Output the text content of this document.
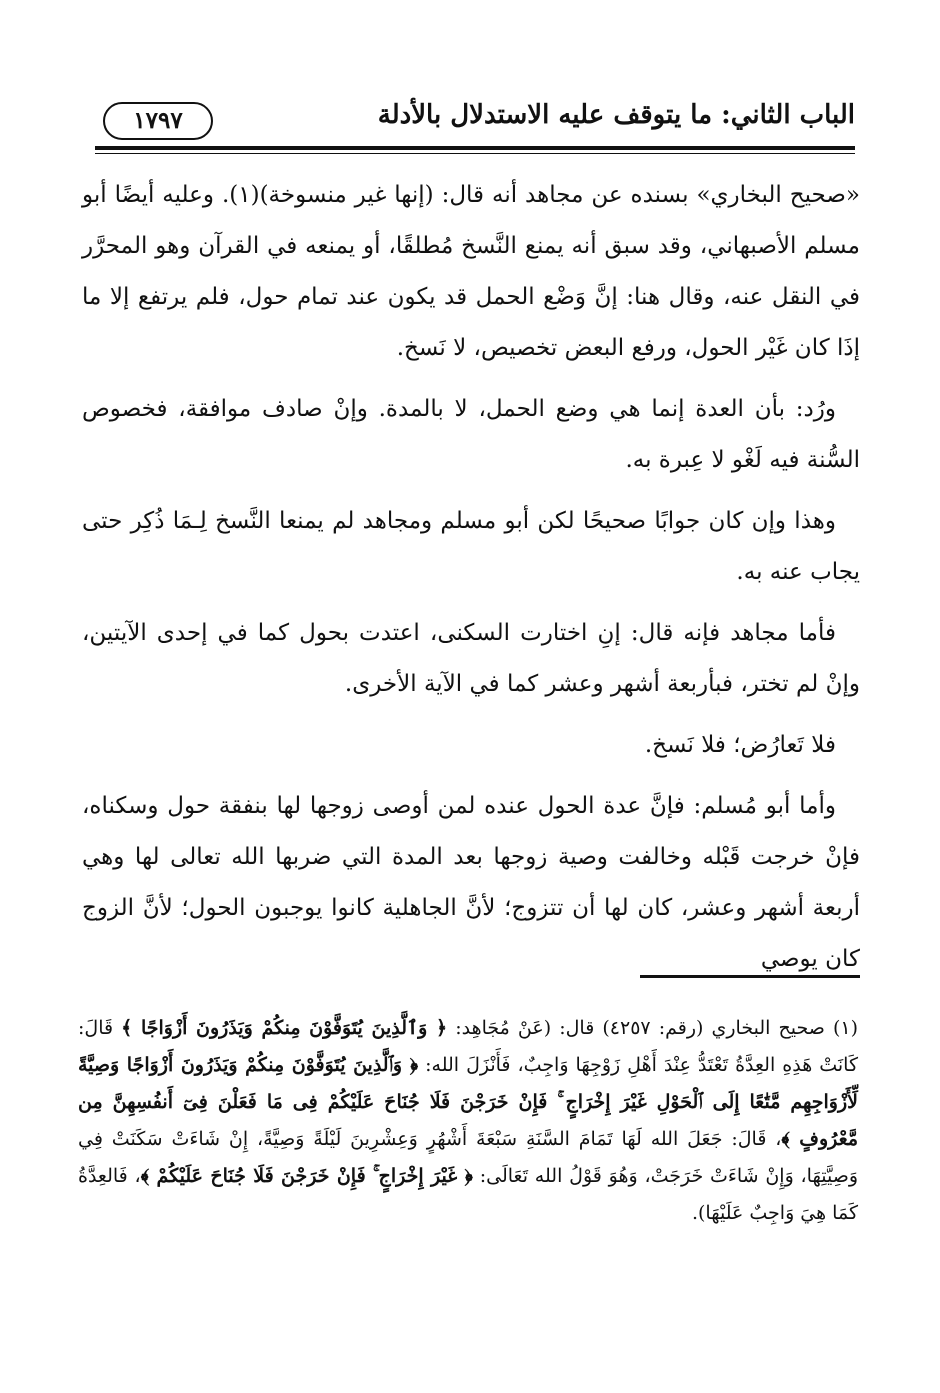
الباب الثاني: ما يتوقف عليه الاستدلال بالأدلة
١٧٩٧

«صحيح البخاري» بسنده عن مجاهد أنه قال: (إنها غير منسوخة)(١). وعليه أيضًا أبو مسلم الأصبهاني، وقد سبق أنه يمنع النَّسخ مُطلقًا، أو يمنعه في القرآن وهو المحرَّر في النقل عنه، وقال هنا: إنَّ وَضْع الحمل قد يكون عند تمام حول، فلم يرتفع إلا ما إذَا كان غَيْر الحول، ورفع البعض تخصيص، لا نَسخ.

ورُد: بأن العدة إنما هي وضع الحمل، لا بالمدة. وإنْ صادف موافقة، فخصوص السُّنة فيه لَغْو لا عِبرة به.

وهذا وإن كان جوابًا صحيحًا لكن أبو مسلم ومجاهد لم يمنعا النَّسخ لِـمَا ذُكِر حتى يجاب عنه به.

فأما مجاهد فإنه قال: إنِ اختارت السكنى، اعتدت بحول كما في إحدى الآيتين، وإنْ لم تختر، فبأربعة أشهر وعشر كما في الآية الأخرى.

فلا تَعارُض؛ فلا نَسخ.

وأما أبو مُسلم: فإنَّ عدة الحول عنده لمن أوصى زوجها لها بنفقة حول وسكناه، فإنْ خرجت قَبْله وخالفت وصية زوجها بعد المدة التي ضربها الله تعالى لها وهي أربعة أشهر وعشر، كان لها أن تتزوج؛ لأنَّ الجاهلية كانوا يوجبون الحول؛ لأنَّ الزوج كان يوصي

(١) صحيح البخاري (رقم: ٤٢٥٧) قال: (عَنْ مُجَاهِد: ﴿ وَٱلَّذِينَ يُتَوَفَّوْنَ مِنكُمْ وَيَذَرُونَ أَزْوَاجًا ﴾ قَالَ: كَانَتْ هَذِهِ العِدَّةُ تَعْتَدُّ عِنْدَ أَهْلِ زَوْجِهَا وَاجِبٌ، فَأَنْزَلَ الله: ﴿ وَٱلَّذِينَ يُتَوَفَّوْنَ مِنكُمْ وَيَذَرُونَ أَزْوَاجًا وَصِيَّةً لِّأَزْوَاجِهِم مَّتَٰعًا إِلَى ٱلْحَوْلِ غَيْرَ إِخْرَاجٍ ۚ فَإِنْ خَرَجْنَ فَلَا جُنَاحَ عَلَيْكُمْ فِى مَا فَعَلْنَ فِىٓ أَنفُسِهِنَّ مِن مَّعْرُوفٍ ﴾، قَالَ: جَعَلَ الله لَهَا تَمَامَ السَّنَةِ سَبْعَةَ أَشْهُرٍ وَعِشْرِينَ لَيْلَةً وَصِيَّةً، إِنْ شَاءَتْ سَكَنَتْ فِي وَصِيَّتِهَا، وَإِنْ شَاءَتْ خَرَجَتْ، وَهُوَ قَوْلُ الله تَعَالَى: ﴿ غَيْرَ إِخْرَاجٍ ۚ فَإِنْ خَرَجْنَ فَلَا جُنَاحَ عَلَيْكُمْ ﴾، فَالعِدَّةُ كَمَا هِيَ وَاجِبٌ عَلَيْهَا).
